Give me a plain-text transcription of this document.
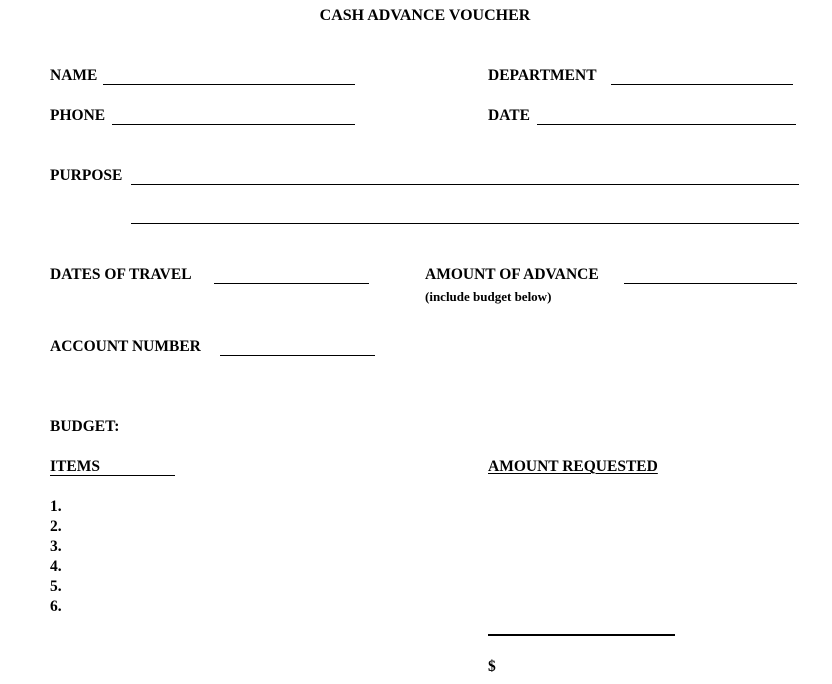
CASH ADVANCE VOUCHER
NAME	DEPARTMENT
PHONE	DATE
PURPOSE
DATES OF TRAVEL	AMOUNT OF ADVANCE
(include budget below)
ACCOUNT NUMBER
BUDGET:
ITEMS	AMOUNT REQUESTED
1.
2.
3.
4.
5.
6.
$
